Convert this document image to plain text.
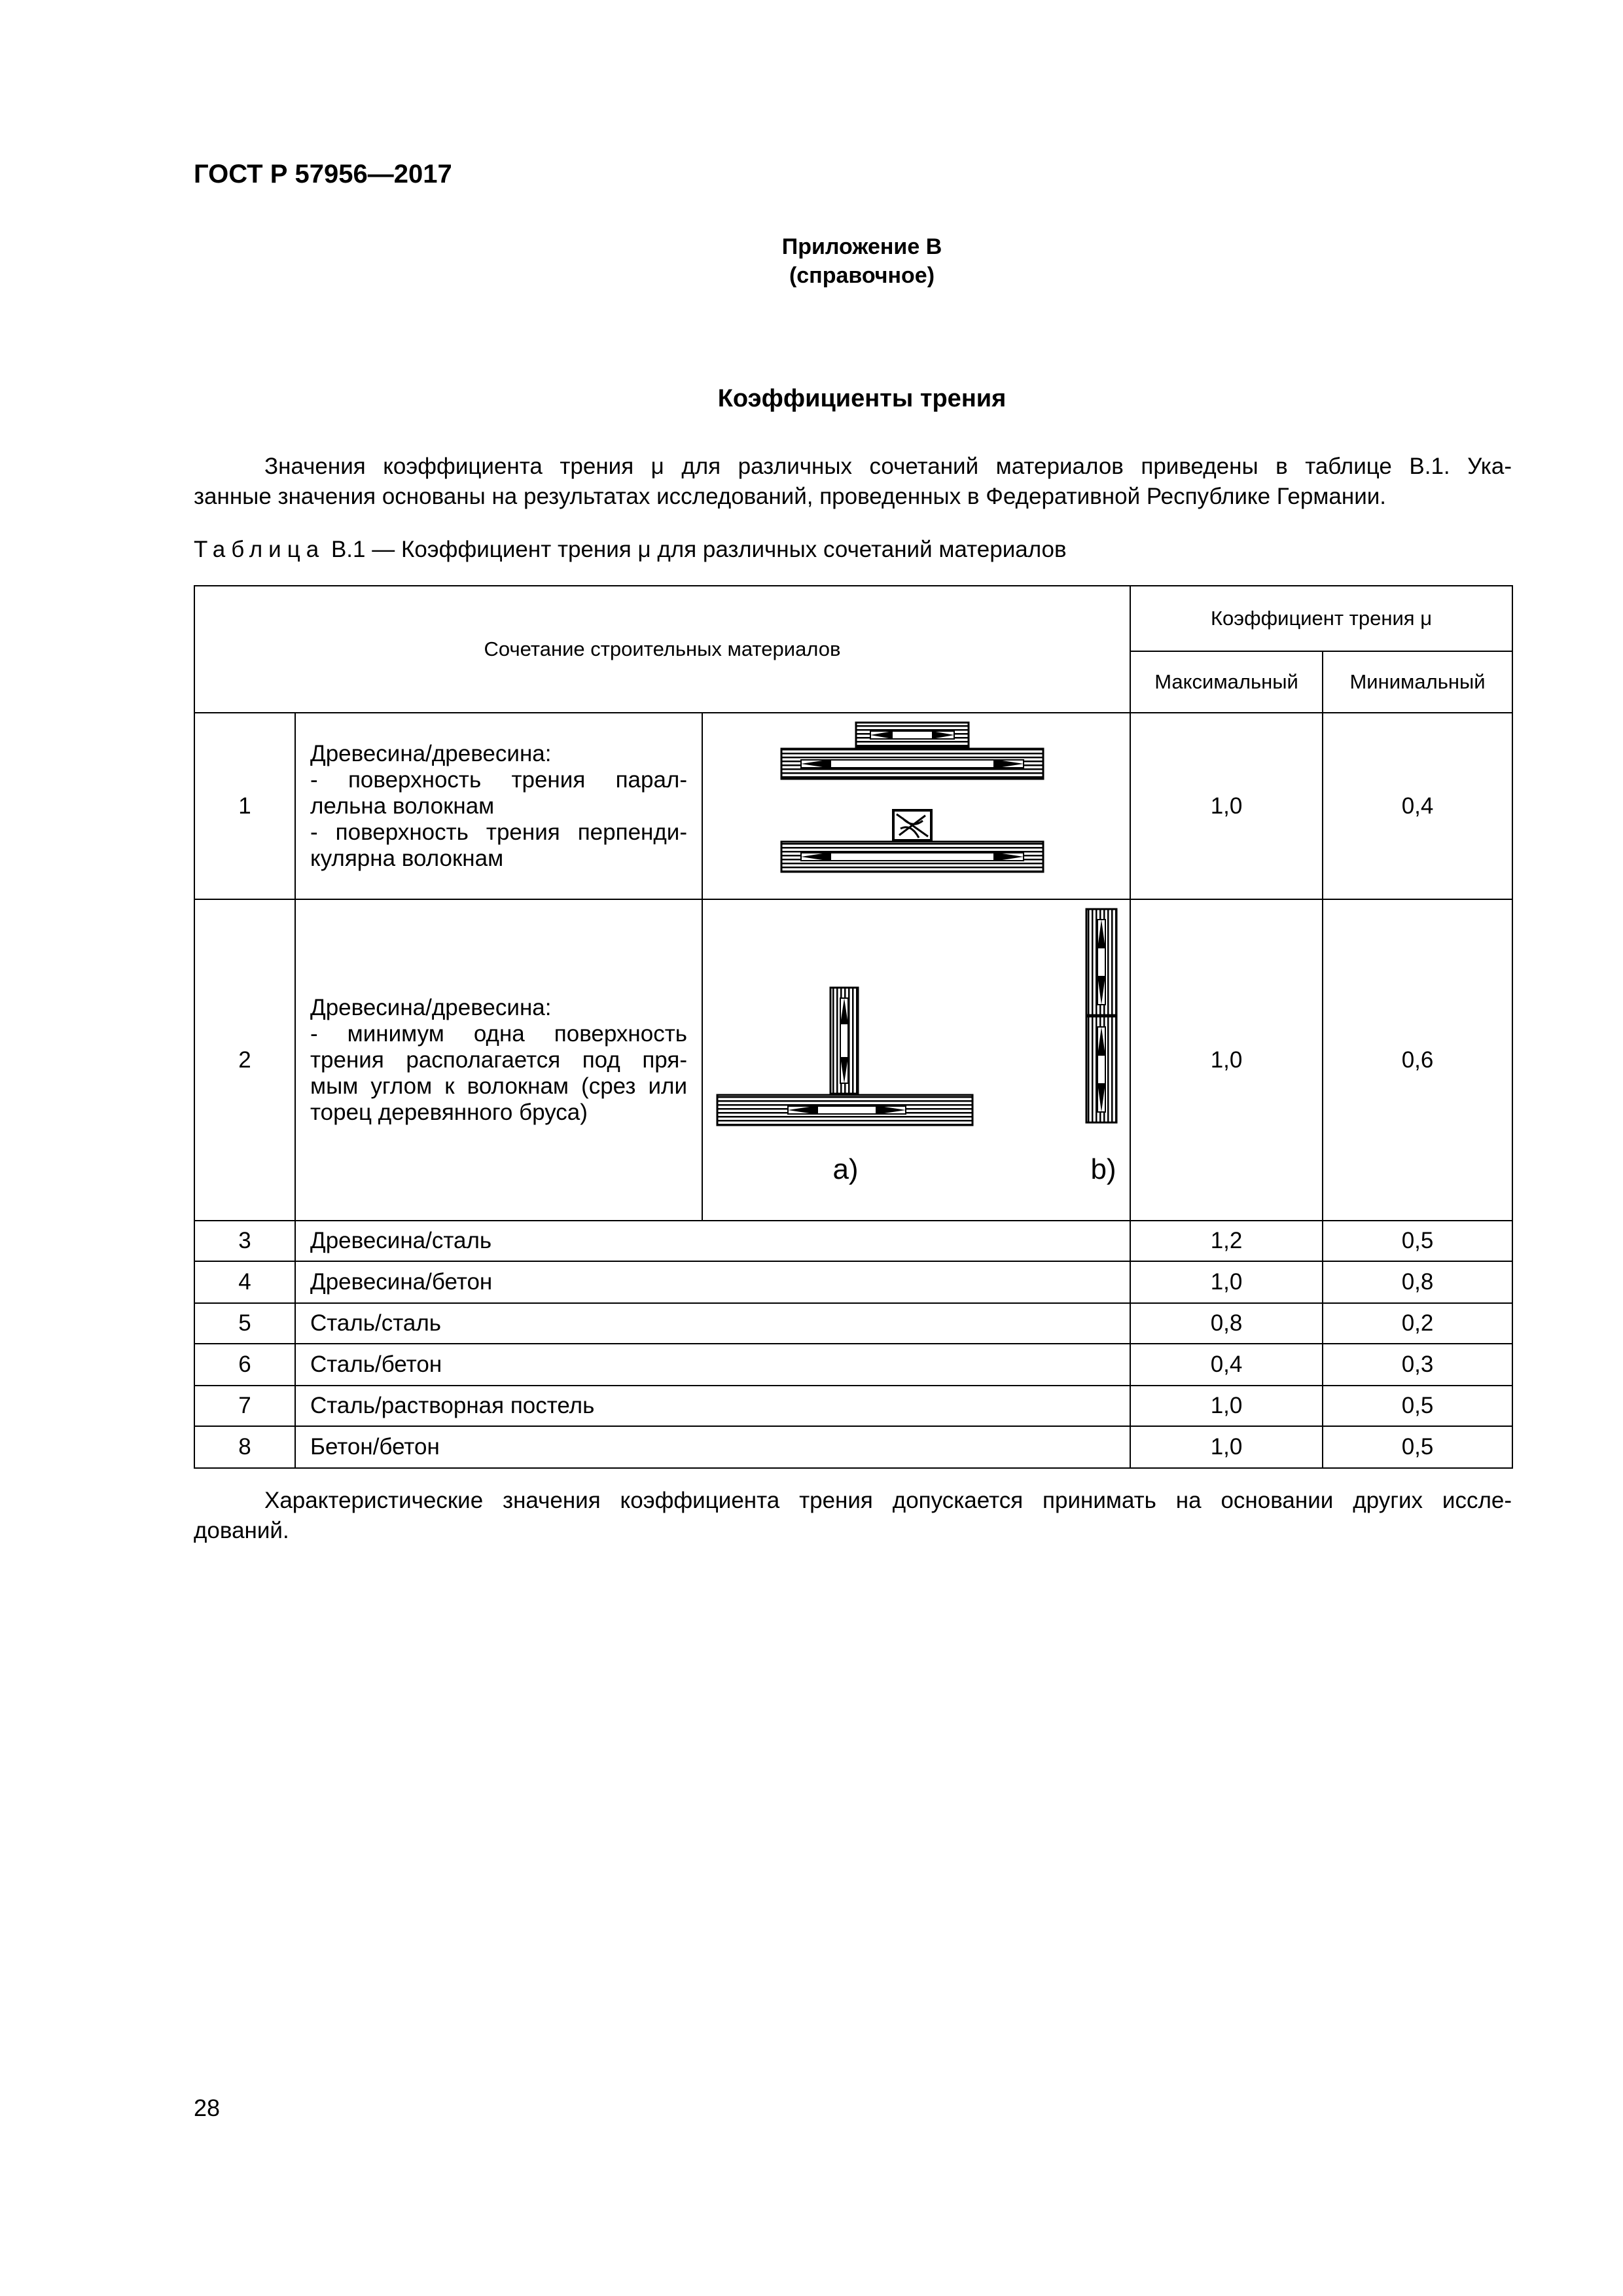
ГОСТ Р 57956—2017
Приложение В
(справочное)
Коэффициенты трения
Значения коэффициента трения μ для различных сочетаний материалов приведены в таблице В.1. Ука-
занные значения основаны на результатах исследований, проведенных в Федеративной Республике Германии.
Таблица В.1 — Коэффициент трения μ для различных сочетаний материалов
Сочетание строительных материалов			Коэффициент трения μ	
			Максимальный	Минимальный
1	Древесина/древесина:
- поверхность трения парал-
лельна волокнам
- поверхность трения перпенди-
кулярна волокнам		1,0	0,4
2	Древесина/древесина:
- минимум одна поверхность
трения располагается под пря-
мым углом к волокнам (срез или
торец деревянного бруса)	a) b)	1,0	0,6
3	Древесина/сталь		1,2	0,5
4	Древесина/бетон		1,0	0,8
5	Сталь/сталь		0,8	0,2
6	Сталь/бетон		0,4	0,3
7	Сталь/растворная постель		1,0	0,5
8	Бетон/бетон		1,0	0,5
Характеристические значения коэффициента трения допускается принимать на основании других иссле-
дований.
28
